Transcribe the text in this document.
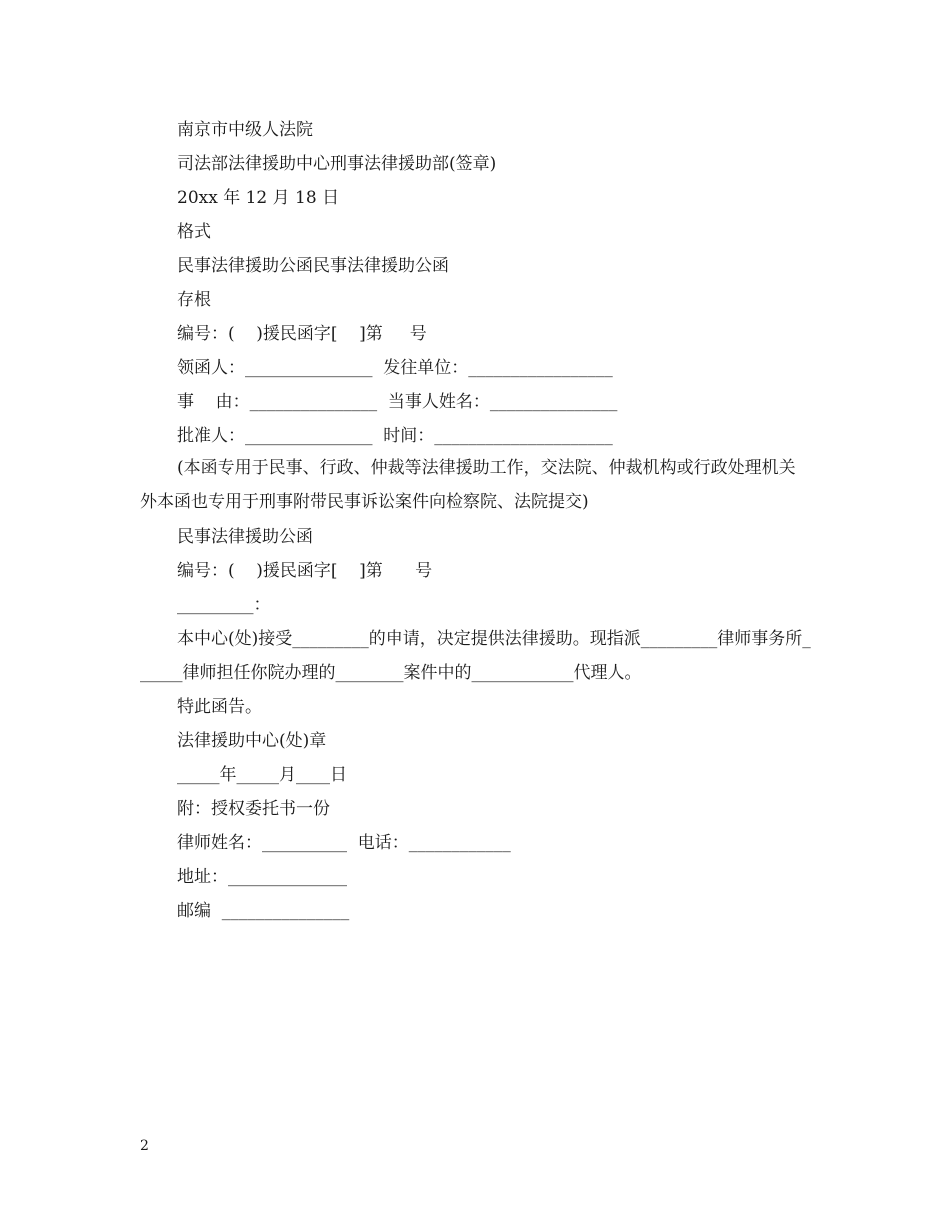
南京市中级人法院
司法部法律援助中心刑事法律援助部(签章)
20xx 年 12 月 18 日
格式
民事法律援助公函民事法律援助公函
存根
编号：(    )援民函字[    ]第     号
领函人：_______________  发往单位：_________________
事    由：_______________  当事人姓名：_______________
批准人：_______________  时间：_____________________
(本函专用于民事、行政、仲裁等法律援助工作，交法院、仲裁机构或行政处理机关外本函也专用于刑事附带民事诉讼案件向检察院、法院提交)
民事法律援助公函
编号：(    )援民函字[    ]第      号
_________：
本中心(处)接受_________的申请，决定提供法律援助。现指派_________律师事务所______律师担任你院办理的________案件中的____________代理人。
特此函告。
法律援助中心(处)章
_____年_____月____日
附：授权委托书一份
律师姓名：__________  电话：____________
地址：______________
邮编  _______________
2
